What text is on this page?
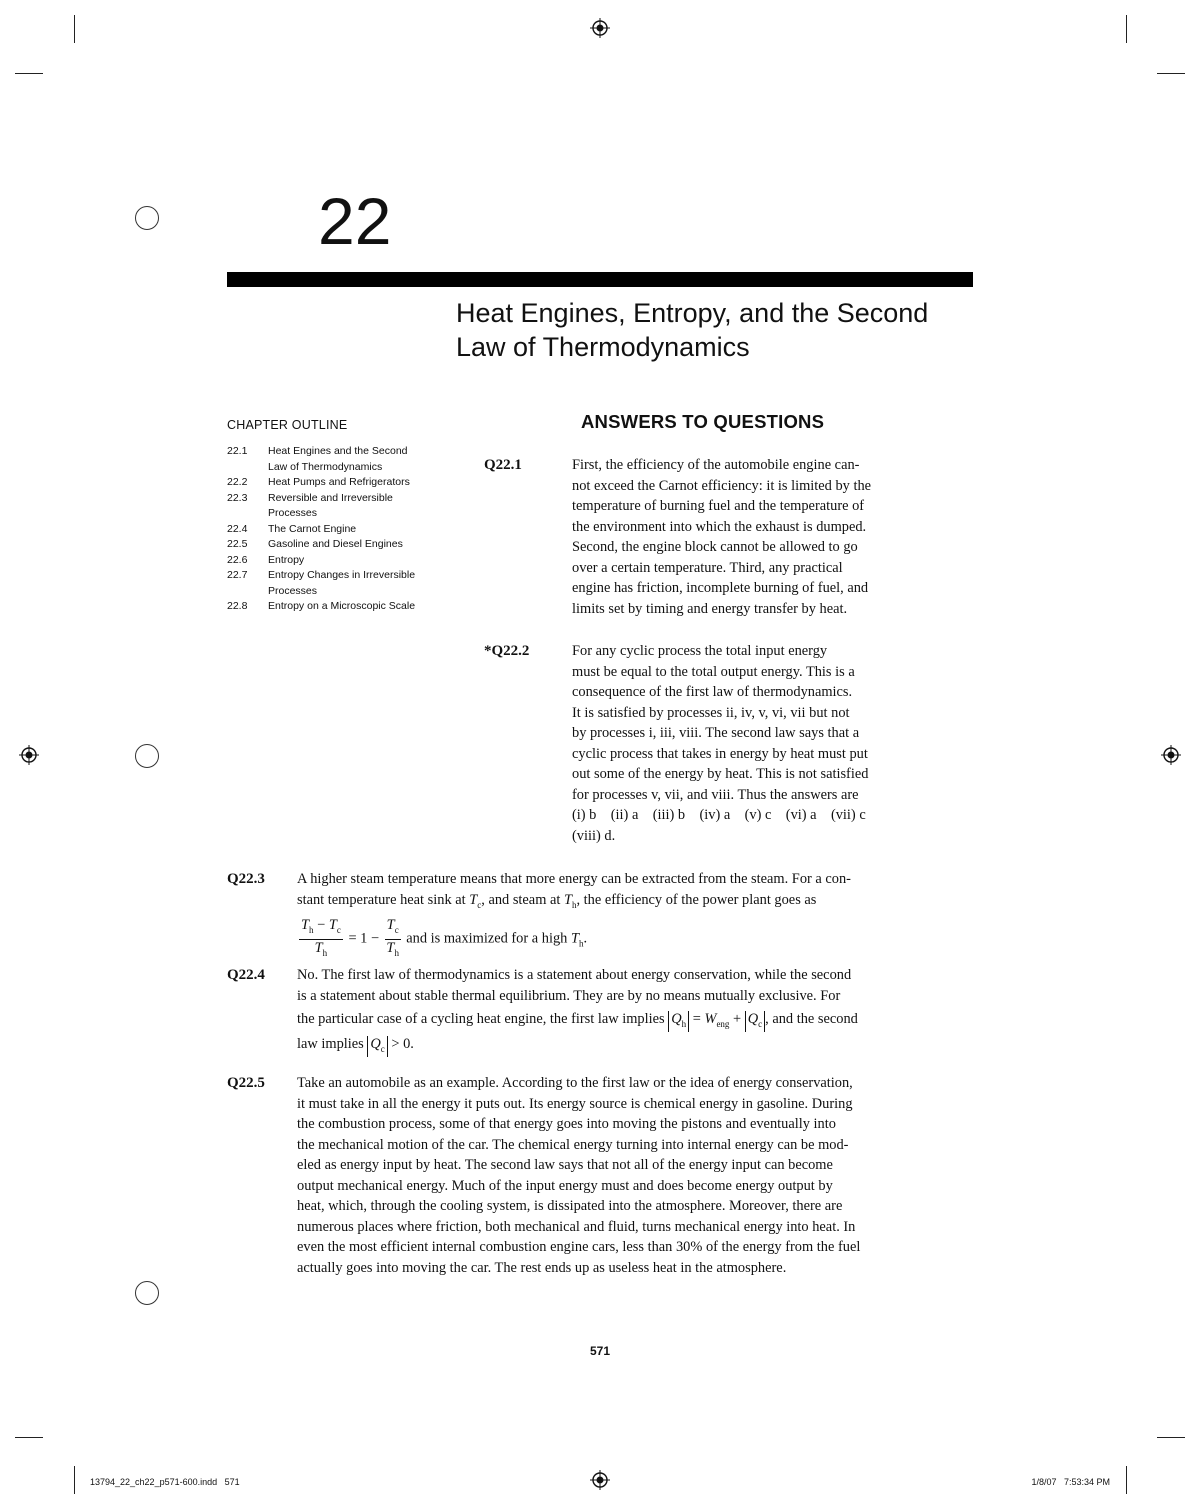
22
Heat Engines, Entropy, and the Second
Law of Thermodynamics
CHAPTER OUTLINE
22.1	Heat Engines and the Second
Law of Thermodynamics
22.2	Heat Pumps and Refrigerators
22.3	Reversible and Irreversible
Processes
22.4	The Carnot Engine
22.5	Gasoline and Diesel Engines
22.6	Entropy
22.7	Entropy Changes in Irreversible
Processes
22.8	Entropy on a Microscopic Scale
ANSWERS TO QUESTIONS
Q22.1	First, the efficiency of the automobile engine can-

not exceed the Carnot efficiency: it is limited by the

temperature of burning fuel and the temperature of

the environment into which the exhaust is dumped.

Second, the engine block cannot be allowed to go

over a certain temperature. Third, any practical

engine has friction, incomplete burning of fuel, and

limits set by timing and energy transfer by heat.

*Q22.2	For any cyclic process the total input energy

must be equal to the total output energy. This is a

consequence of the first law of thermodynamics.

It is satisfied by processes ii, iv, v, vi, vii but not

by processes i, iii, viii. The second law says that a

cyclic process that takes in energy by heat must put

out some of the energy by heat. This is not satisfied

for processes v, vii, and viii. Thus the answers are

(i) b    (ii) a    (iii) b    (iv) a    (v) c    (vi) a    (vii) c

(viii) d.

Q22.3 A higher steam temperature means that more energy can be extracted from the steam. For a con-

stant temperature heat sink at $T_c$, and steam at $T_h$, the efficiency of the power plant goes as

$\frac{T_h - T_c}{T_h} = 1 - \frac{T_c}{T_h}$ and is maximized for a high $T_h$.
Q22.4 No. The first law of thermodynamics is a statement about energy conservation, while the second

is a statement about stable thermal equilibrium. They are by no means mutually exclusive. For

the particular case of a cycling heat engine, the first law implies $Q_h = W_{eng} + Q_c$ , and the second

law implies $Q_c > 0$.

Q22.5 Take an automobile as an example. According to the first law or the idea of energy conservation,

it must take in all the energy it puts out. Its energy source is chemical energy in gasoline. During

the combustion process, some of that energy goes into moving the pistons and eventually into

the mechanical motion of the car. The chemical energy turning into internal energy can be mod-

eled as energy input by heat. The second law says that not all of the energy input can become

output mechanical energy. Much of the input energy must and does become energy output by

heat, which, through the cooling system, is dissipated into the atmosphere. Moreover, there are

numerous places where friction, both mechanical and fluid, turns mechanical energy into heat. In

even the most efficient internal combustion engine cars, less than 30% of the energy from the fuel

actually goes into moving the car. The rest ends up as useless heat in the atmosphere.

571
13794_22_ch22_p571-600.indd   571	1/8/07   7:53:34 PM
